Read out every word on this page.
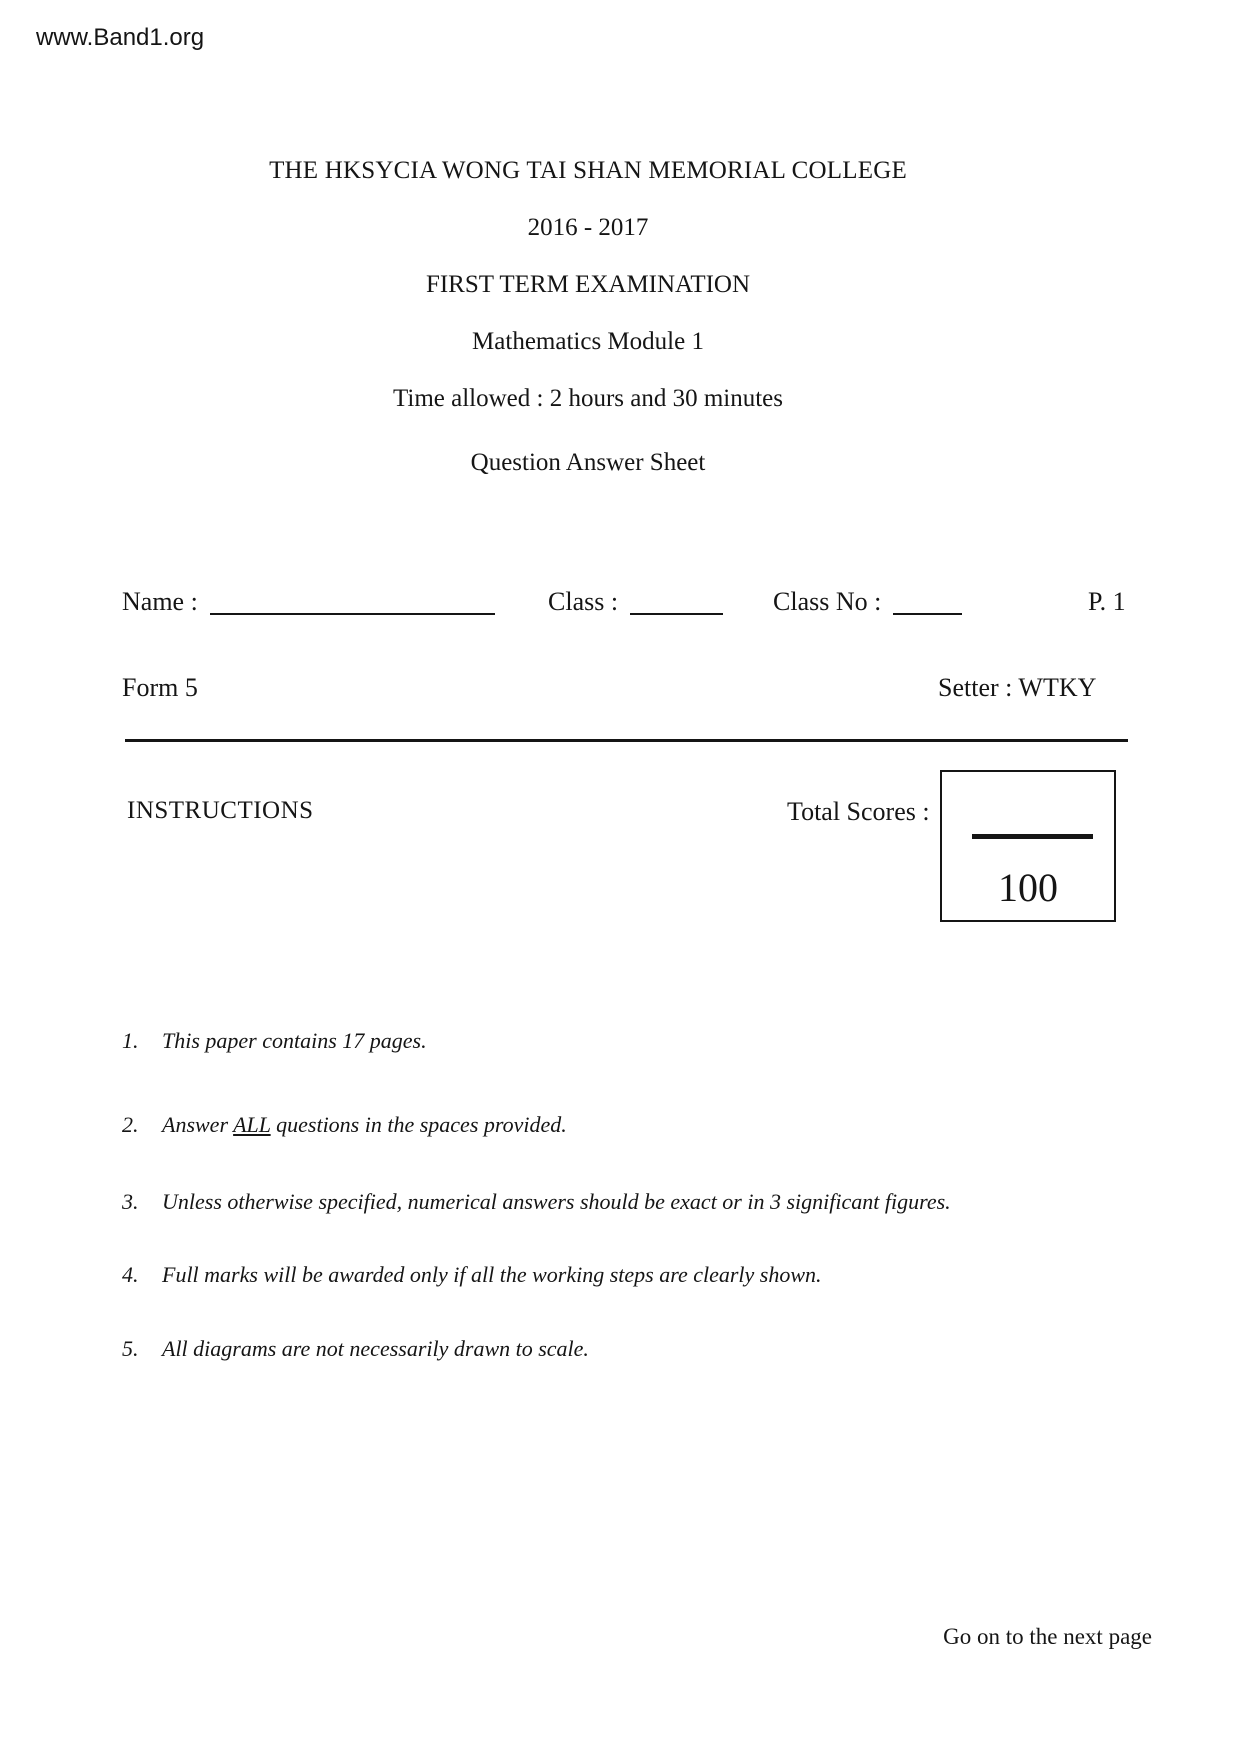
www.Band1.org
THE HKSYCIA WONG TAI SHAN MEMORIAL COLLEGE
2016 - 2017
FIRST TERM EXAMINATION
Mathematics Module 1
Time allowed : 2 hours and 30 minutes
Question Answer Sheet
Name :	Class :	Class No :	P. 1
Form 5	Setter : WTKY
INSTRUCTIONS	Total Scores :
100
1. This paper contains 17 pages.
2. Answer ALL questions in the spaces provided.
3. Unless otherwise specified, numerical answers should be exact or in 3 significant figures.
4. Full marks will be awarded only if all the working steps are clearly shown.
5. All diagrams are not necessarily drawn to scale.
Go on to the next page
